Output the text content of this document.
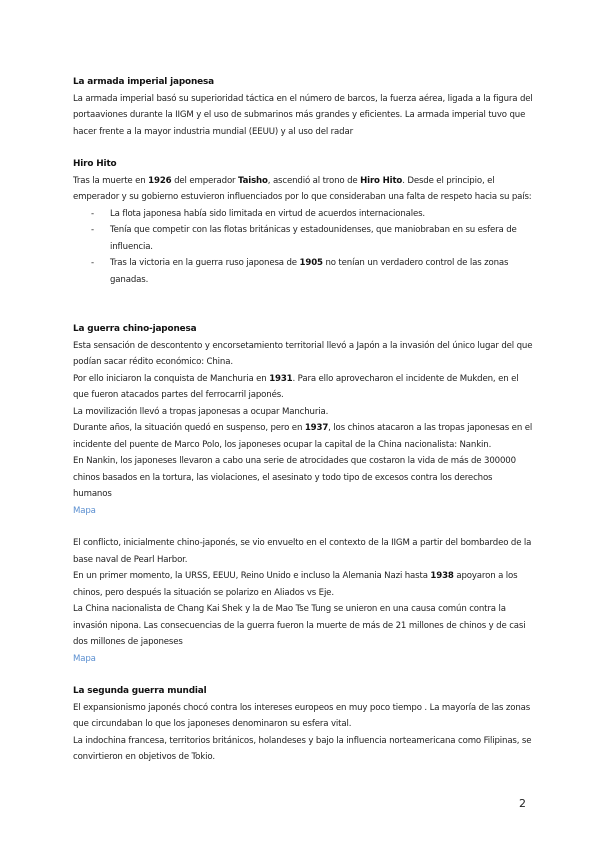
La armada imperial japonesa

La armada imperial basó su superioridad táctica en el número de barcos, la fuerza aérea, ligada a la figura del portaaviones durante la IIGM y el uso de submarinos más grandes y eficientes. La armada imperial tuvo que hacer frente a la mayor industria mundial (EEUU) y al uso del radar

Hiro Hito

Tras la muerte en 1926 del emperador Taisho, ascendió al trono de Hiro Hito. Desde el principio, el emperador y su gobierno estuvieron influenciados por lo que consideraban una falta de respeto hacia su país:

- La flota japonesa había sido limitada en virtud de acuerdos internacionales.
- Tenía que competir con las flotas británicas y estadounidenses, que maniobraban en su esfera de influencia.
- Tras la victoria en la guerra ruso japonesa de 1905 no tenían un verdadero control de las zonas ganadas.
La guerra chino-japonesa

Esta sensación de descontento y encorsetamiento territorial llevó a Japón a la invasión del único lugar del que podían sacar rédito económico: China.

Por ello iniciaron la conquista de Manchuria en 1931. Para ello aprovecharon el incidente de Mukden, en el que fueron atacados partes del ferrocarril japonés.

La movilización llevó a tropas japonesas a ocupar Manchuria.

Durante años, la situación quedó en suspenso, pero en 1937, los chinos atacaron a las tropas japonesas en el incidente del puente de Marco Polo, los japoneses ocupar la capital de la China nacionalista: Nankin.

En Nankin, los japoneses llevaron a cabo una serie de atrocidades que costaron la vida de más de 300000 chinos basados en la tortura, las violaciones, el asesinato y todo tipo de excesos contra los derechos humanos

Mapa

El conflicto, inicialmente chino-japonés, se vio envuelto en el contexto de la IIGM a partir del bombardeo de la base naval de Pearl Harbor.

En un primer momento, la URSS, EEUU, Reino Unido e incluso la Alemania Nazi hasta 1938 apoyaron a los chinos, pero después la situación se polarizo en Aliados vs Eje.

La China nacionalista de Chang Kai Shek y la de Mao Tse Tung se unieron en una causa común contra la invasión nipona. Las consecuencias de la guerra fueron la muerte de más de 21 millones de chinos y de casi dos millones de japoneses

Mapa
La segunda guerra mundial

El expansionismo japonés chocó contra los intereses europeos en muy poco tiempo . La mayoría de las zonas que circundaban lo que los japoneses denominaron su esfera vital.

La indochina francesa, territorios británicos, holandeses y bajo la influencia norteamericana como Filipinas, se convirtieron en objetivos de Tokio.

2
